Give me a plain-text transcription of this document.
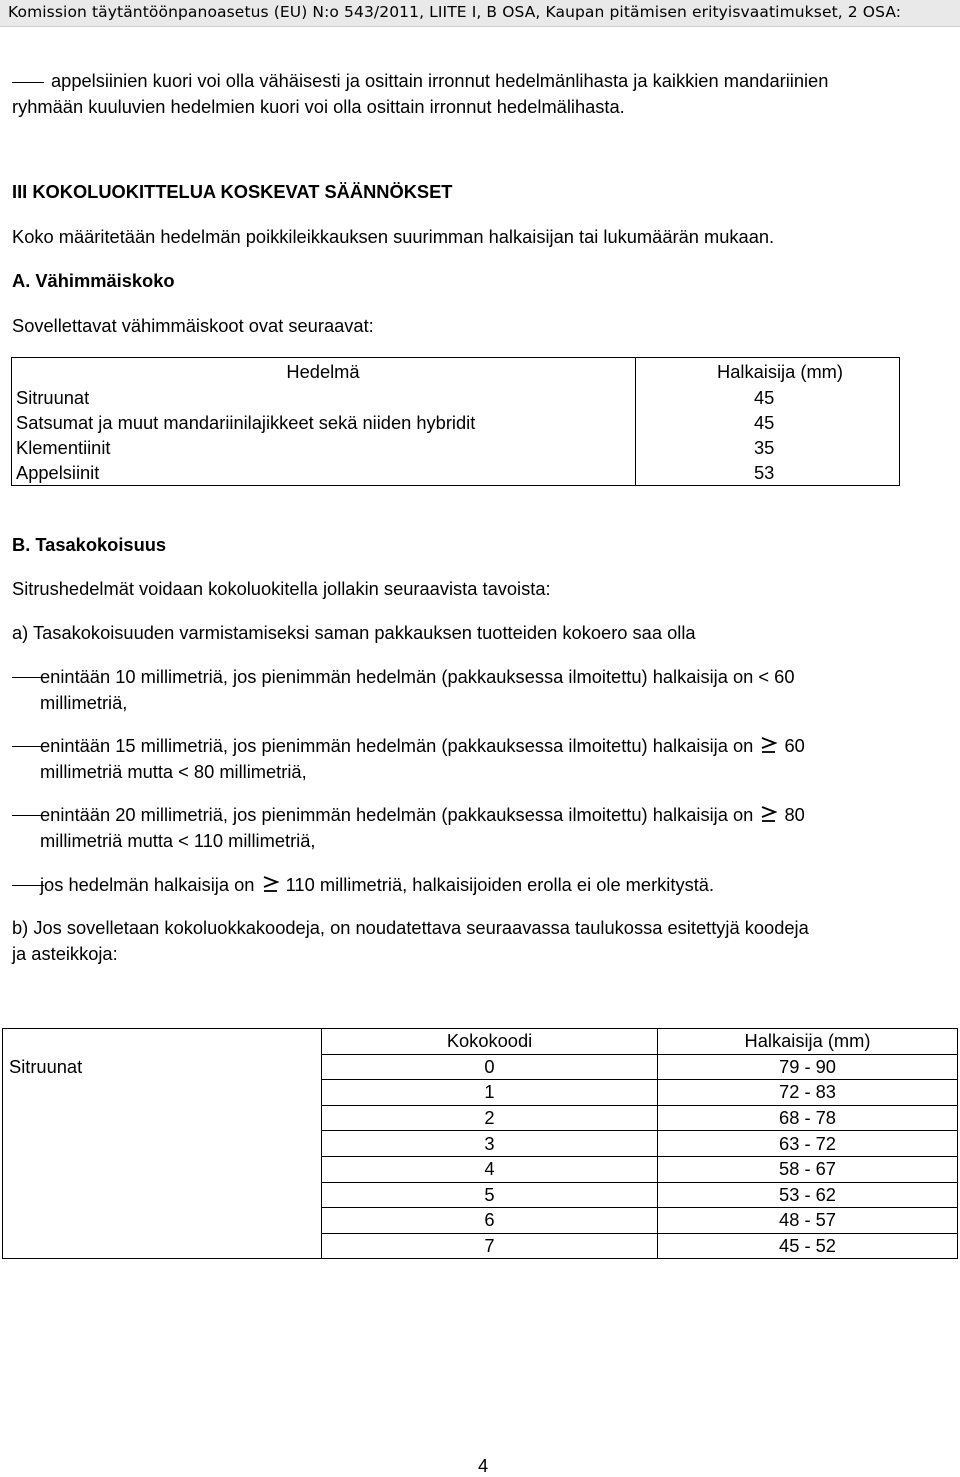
Komission täytäntöönpanoasetus (EU) N:o 543/2011, LIITE I, B OSA, Kaupan pitämisen erityisvaatimukset, 2 OSA:
appelsiinien kuori voi olla vähäisesti ja osittain irronnut hedelmänlihasta ja kaikkien mandariinien
ryhmään kuuluvien hedelmien kuori voi olla osittain irronnut hedelmälihasta.
III KOKOLUOKITTELUA KOSKEVAT SÄÄNNÖKSET
Koko määritetään hedelmän poikkileikkauksen suurimman halkaisijan tai lukumäärän mukaan.
A. Vähimmäiskoko
Sovellettavat vähimmäiskoot ovat seuraavat:
Hedelmä	Halkaisija (mm)
Sitruunat	45
Satsumat ja muut mandariinilajikkeet sekä niiden hybridit	45
Klementiinit	35
Appelsiinit	53
B. Tasakokoisuus
Sitrushedelmät voidaan kokoluokitella jollakin seuraavista tavoista:
a) Tasakokoisuuden varmistamiseksi saman pakkauksen tuotteiden kokoero saa olla
enintään 10 millimetriä, jos pienimmän hedelmän (pakkauksessa ilmoitettu) halkaisija on < 60
millimetriä,
enintään 15 millimetriä, jos pienimmän hedelmän (pakkauksessa ilmoitettu) halkaisija on 60
millimetriä mutta < 80 millimetriä,
enintään 20 millimetriä, jos pienimmän hedelmän (pakkauksessa ilmoitettu) halkaisija on 80
millimetriä mutta < 110 millimetriä,
jos hedelmän halkaisija on 110 millimetriä, halkaisijoiden erolla ei ole merkitystä.
b) Jos sovelletaan kokoluokkakoodeja, on noudatettava seuraavassa taulukossa esitettyjä koodeja
ja asteikkoja:
	Kokokoodi	Halkaisija (mm)
Sitruunat	0	79 - 90
	1	72 - 83
	2	68 - 78
	3	63 - 72
	4	58 - 67
	5	53 - 62
	6	48 - 57
	7	45 - 52
4
